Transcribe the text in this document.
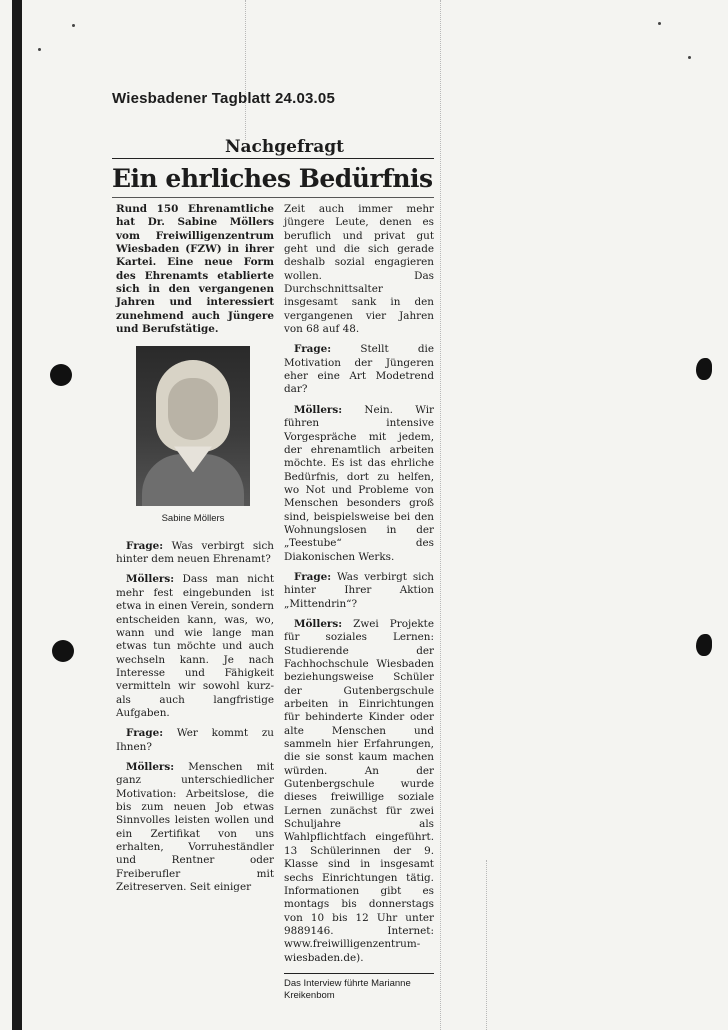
Wiesbadener Tagblatt 24.03.05
Nachgefragt
Ein ehrliches Bedürfnis

Rund 150 Ehrenamtliche hat Dr. Sabine Möllers vom Freiwilligenzentrum Wiesbaden (FZW) in ihrer Kartei. Eine neue Form des Ehrenamts etablierte sich in den vergangenen Jahren und interessiert zunehmend auch Jüngere und Berufstätige.

Sabine Möllers

Frage: Was verbirgt sich hinter dem neuen Ehrenamt?

Möllers: Dass man nicht mehr fest eingebunden ist etwa in einen Verein, sondern entscheiden kann, was, wo, wann und wie lange man etwas tun möchte und auch wechseln kann. Je nach Interesse und Fähigkeit vermitteln wir sowohl kurz- als auch langfristige Aufgaben.

Frage: Wer kommt zu Ihnen?

Möllers: Menschen mit ganz unterschiedlicher Motivation: Arbeitslose, die bis zum neuen Job etwas Sinnvolles leisten wollen und ein Zertifikat von uns erhalten, Vorruheständler und Rentner oder Freiberufler mit Zeitreserven. Seit einiger

Zeit auch immer mehr jüngere Leute, denen es beruflich und privat gut geht und die sich gerade deshalb sozial engagieren wollen. Das Durchschnittsalter insgesamt sank in den vergangenen vier Jahren von 68 auf 48.

Frage: Stellt die Motivation der Jüngeren eher eine Art Modetrend dar?

Möllers: Nein. Wir führen intensive Vorgespräche mit jedem, der ehrenamtlich arbeiten möchte. Es ist das ehrliche Bedürfnis, dort zu helfen, wo Not und Probleme von Menschen besonders groß sind, beispielsweise bei den Wohnungslosen in der „Teestube“ des Diakonischen Werks.

Frage: Was verbirgt sich hinter Ihrer Aktion „Mittendrin“?

Möllers: Zwei Projekte für soziales Lernen: Studierende der Fachhochschule Wiesbaden beziehungsweise Schüler der Gutenbergschule arbeiten in Einrichtungen für behinderte Kinder oder alte Menschen und sammeln hier Erfahrungen, die sie sonst kaum machen würden. An der Gutenbergschule wurde dieses freiwillige soziale Lernen zunächst für zwei Schuljahre als Wahlpflichtfach eingeführt. 13 Schülerinnen der 9. Klasse sind in insgesamt sechs Einrichtungen tätig. Informationen gibt es montags bis donnerstags von 10 bis 12 Uhr unter 9889146. Internet: www.freiwilligenzentrum-wiesbaden.de).

Das Interview führte Marianne Kreikenbom
